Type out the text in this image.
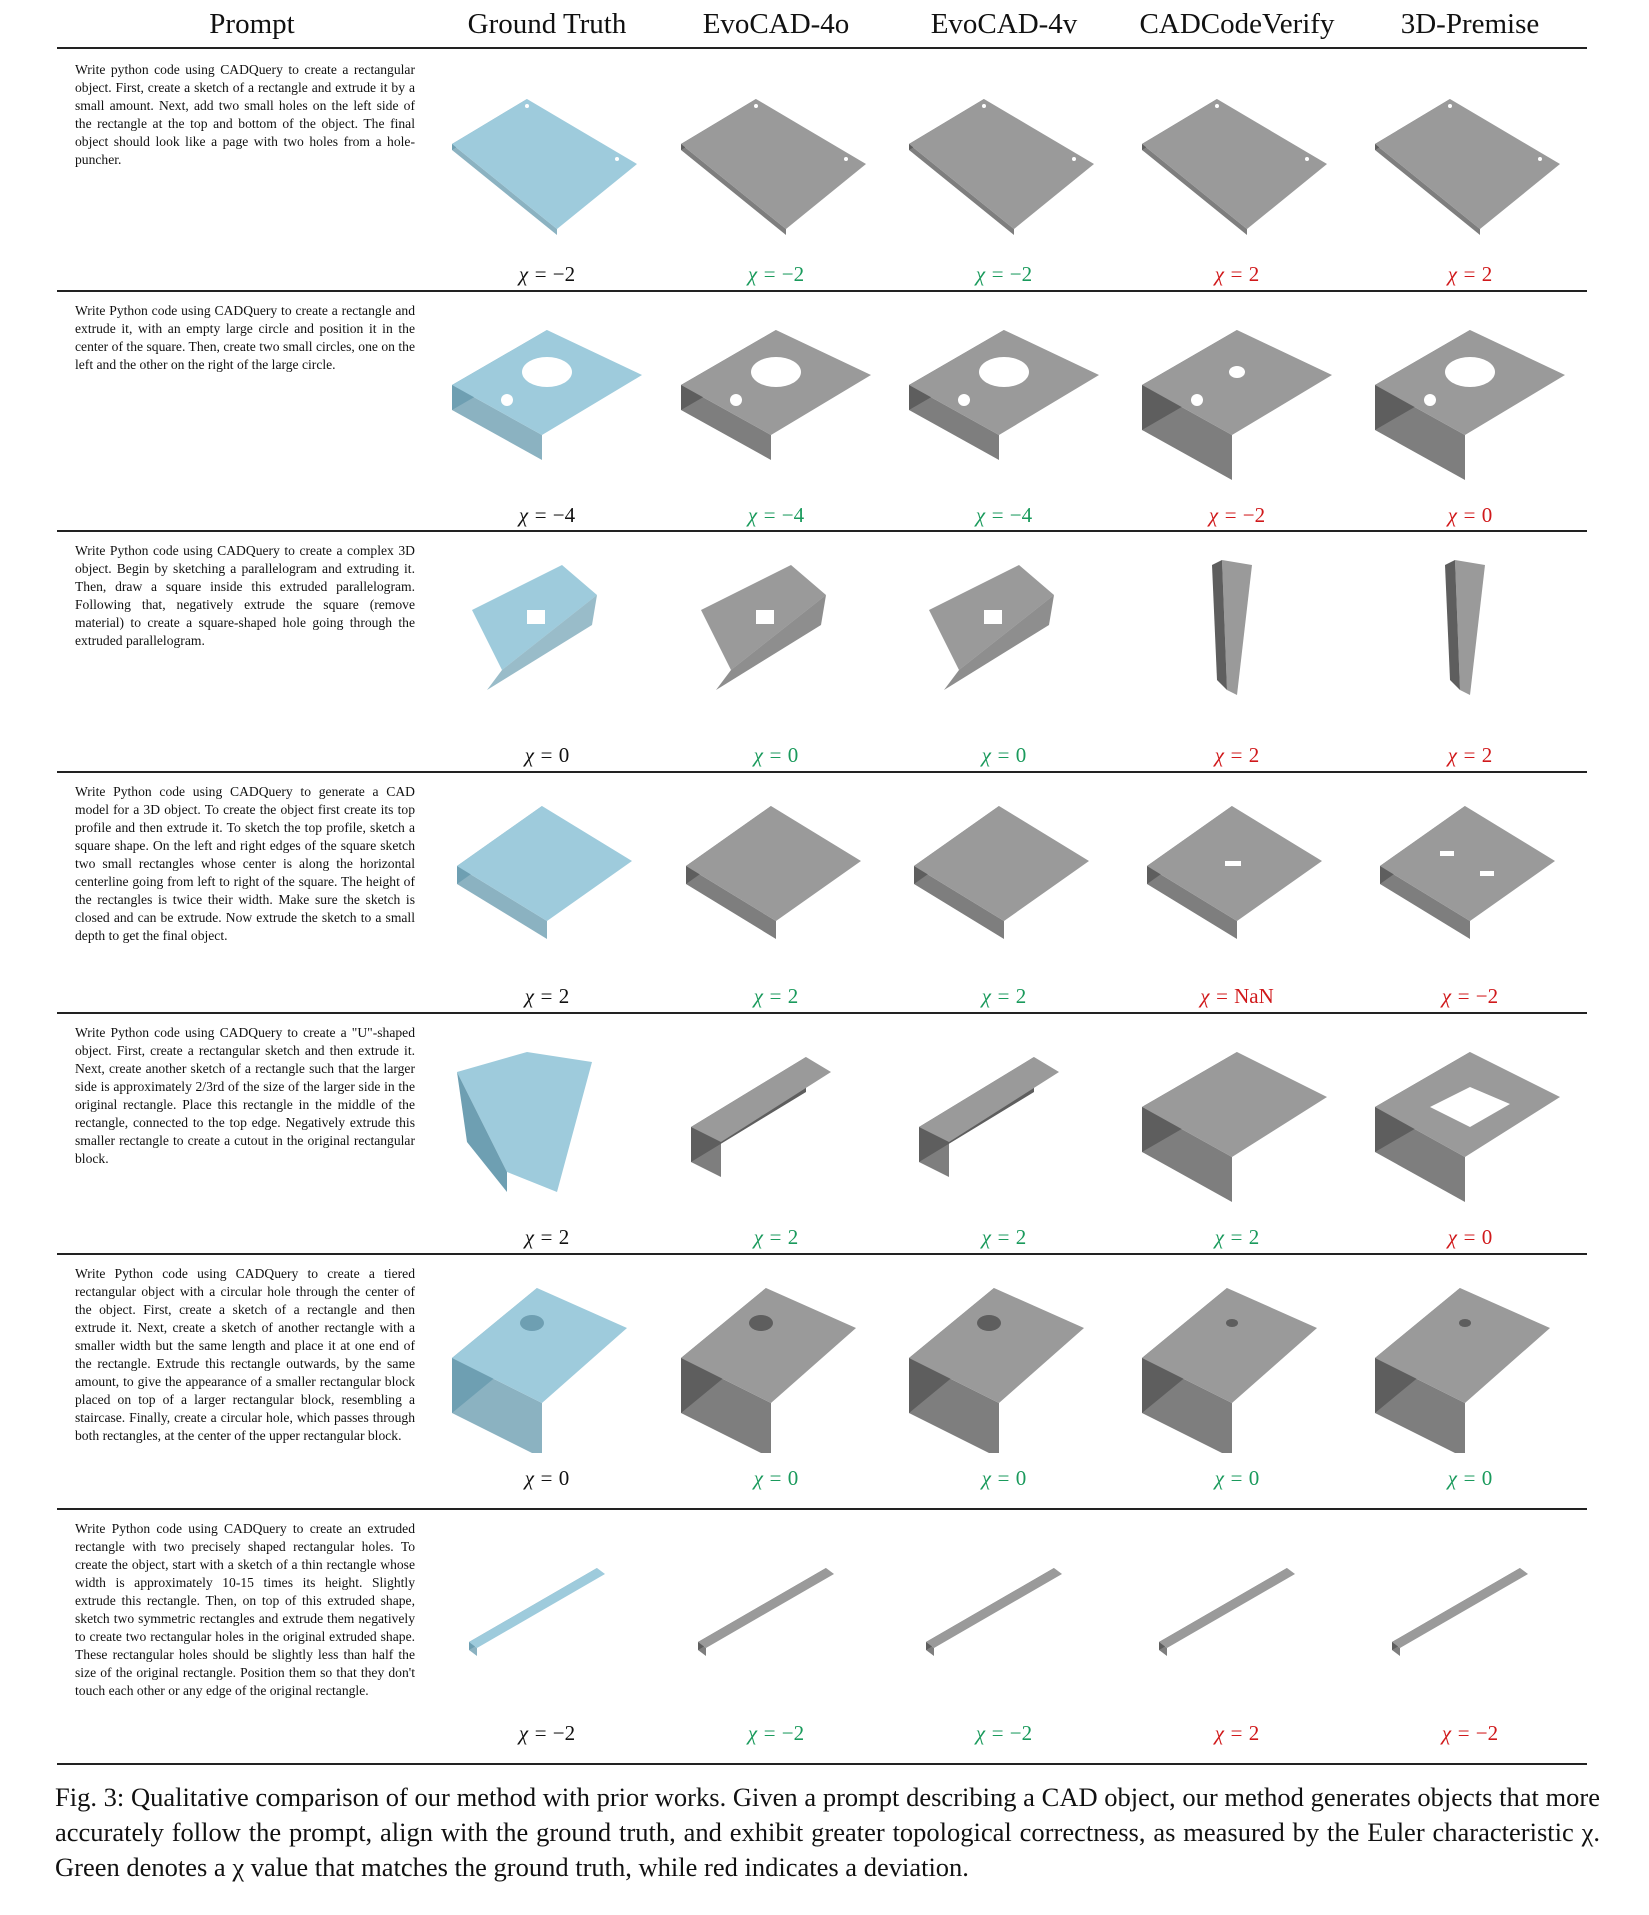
Prompt	Ground Truth	EvoCAD-4o	EvoCAD-4v	CADCodeVerify	3D-Premise
Write python code using CADQuery to create a rectangular object. First, create a sketch of a rectangle and extrude it by a small amount. Next, add two small holes on the left side of the rectangle at the top and bottom of the object. The final object should look like a page with two holes from a hole-puncher.
χ = −2	χ = −2	χ = −2	χ = 2	χ = 2
Write Python code using CADQuery to create a rectangle and extrude it, with an empty large circle and position it in the center of the square. Then, create two small circles, one on the left and the other on the right of the large circle.
χ = −4	χ = −4	χ = −4	χ = −2	χ = 0
Write Python code using CADQuery to create a complex 3D object. Begin by sketching a parallelogram and extruding it. Then, draw a square inside this extruded parallelogram. Following that, negatively extrude the square (remove material) to create a square-shaped hole going through the extruded parallelogram.
χ = 0	χ = 0	χ = 0	χ = 2	χ = 2
Write Python code using CADQuery to generate a CAD model for a 3D object. To create the object first create its top profile and then extrude it. To sketch the top profile, sketch a square shape. On the left and right edges of the square sketch two small rectangles whose center is along the horizontal centerline going from left to right of the square. The height of the rectangles is twice their width. Make sure the sketch is closed and can be extrude. Now extrude the sketch to a small depth to get the final object.
χ = 2	χ = 2	χ = 2	χ = NaN	χ = −2
Write Python code using CADQuery to create a "U"-shaped object. First, create a rectangular sketch and then extrude it. Next, create another sketch of a rectangle such that the larger side is approximately 2/3rd of the size of the larger side in the original rectangle. Place this rectangle in the middle of the rectangle, connected to the top edge. Negatively extrude this smaller rectangle to create a cutout in the original rectangular block.
χ = 2	χ = 2	χ = 2	χ = 2	χ = 0
Write Python code using CADQuery to create a tiered rectangular object with a circular hole through the center of the object. First, create a sketch of a rectangle and then extrude it. Next, create a sketch of another rectangle with a smaller width but the same length and place it at one end of the rectangle. Extrude this rectangle outwards, by the same amount, to give the appearance of a smaller rectangular block placed on top of a larger rectangular block, resembling a staircase. Finally, create a circular hole, which passes through both rectangles, at the center of the upper rectangular block.
χ = 0	χ = 0	χ = 0	χ = 0	χ = 0
Write Python code using CADQuery to create an extruded rectangle with two precisely shaped rectangular holes. To create the object, start with a sketch of a thin rectangle whose width is approximately 10-15 times its height. Slightly extrude this rectangle. Then, on top of this extruded shape, sketch two symmetric rectangles and extrude them negatively to create two rectangular holes in the original extruded shape. These rectangular holes should be slightly less than half the size of the original rectangle. Position them so that they don't touch each other or any edge of the original rectangle.
χ = −2	χ = −2	χ = −2	χ = 2	χ = −2
Fig. 3: Qualitative comparison of our method with prior works. Given a prompt describing a CAD object, our method generates objects that more accurately follow the prompt, align with the ground truth, and exhibit greater topological correctness, as measured by the Euler characteristic χ. Green denotes a χ value that matches the ground truth, while red indicates a deviation.
